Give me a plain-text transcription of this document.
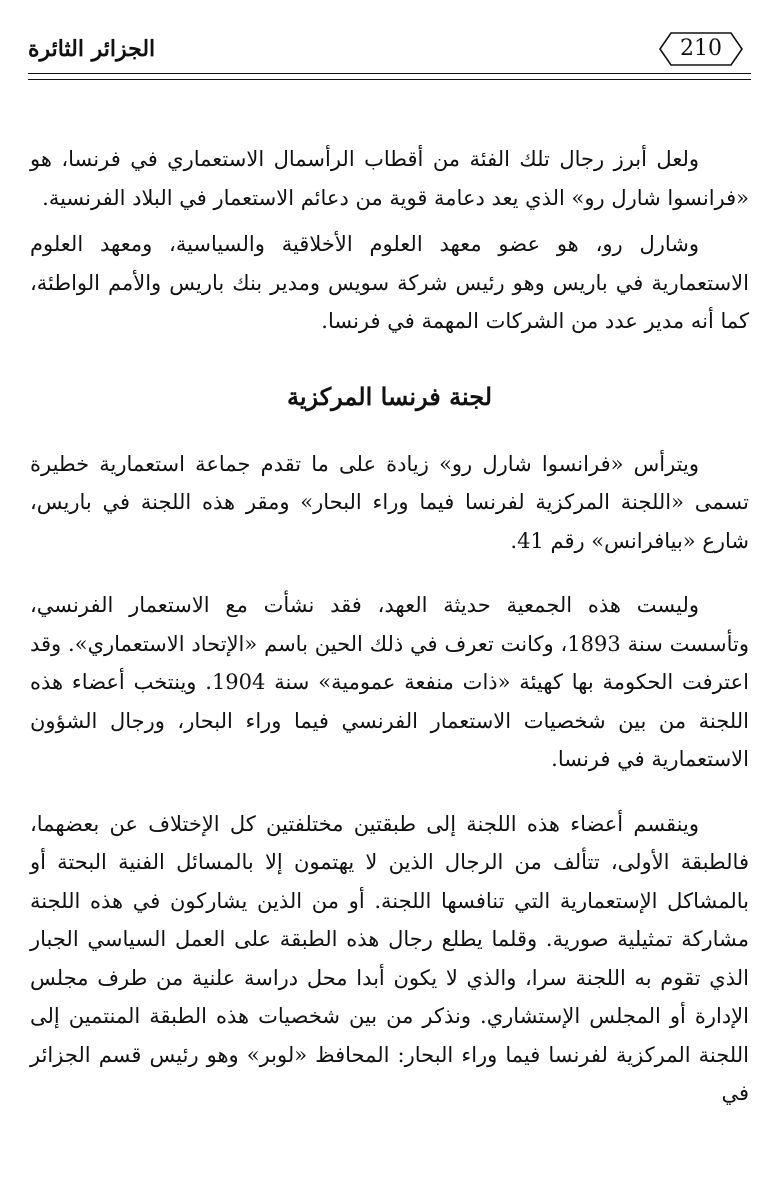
الجزائر الثائرة	210

ولعل أبرز رجال تلك الفئة من أقطاب الرأسمال الاستعماري في فرنسا، هو «فرانسوا شارل رو» الذي يعد دعامة قوية من دعائم الاستعمار في البلاد الفرنسية.

وشارل رو، هو عضو معهد العلوم الأخلاقية والسياسية، ومعهد العلوم الاستعمارية في باريس وهو رئيس شركة سويس ومدير بنك باريس والأمم الواطئة، كما أنه مدير عدد من الشركات المهمة في فرنسا.

لجنة فرنسا المركزية

ويترأس «فرانسوا شارل رو» زيادة على ما تقدم جماعة استعمارية خطيرة تسمى «اللجنة المركزية لفرنسا فيما وراء البحار» ومقر هذه اللجنة في باريس، شارع «بيافرانس» رقم 41.

وليست هذه الجمعية حديثة العهد، فقد نشأت مع الاستعمار الفرنسي، وتأسست سنة 1893، وكانت تعرف في ذلك الحين باسم «الإتحاد الاستعماري». وقد اعترفت الحكومة بها كهيئة «ذات منفعة عمومية» سنة 1904. وينتخب أعضاء هذه اللجنة من بين شخصيات الاستعمار الفرنسي فيما وراء البحار، ورجال الشؤون الاستعمارية في فرنسا.

وينقسم أعضاء هذه اللجنة إلى طبقتين مختلفتين كل الإختلاف عن بعضهما، فالطبقة الأولى، تتألف من الرجال الذين لا يهتمون إلا بالمسائل الفنية البحتة أو بالمشاكل الإستعمارية التي تنافسها اللجنة. أو من الذين يشاركون في هذه اللجنة مشاركة تمثيلية صورية. وقلما يطلع رجال هذه الطبقة على العمل السياسي الجبار الذي تقوم به اللجنة سرا، والذي لا يكون أبدا محل دراسة علنية من طرف مجلس الإدارة أو المجلس الإستشاري. ونذكر من بين شخصيات هذه الطبقة المنتمين إلى اللجنة المركزية لفرنسا فيما وراء البحار: المحافظ «لوبر» وهو رئيس قسم الجزائر في
